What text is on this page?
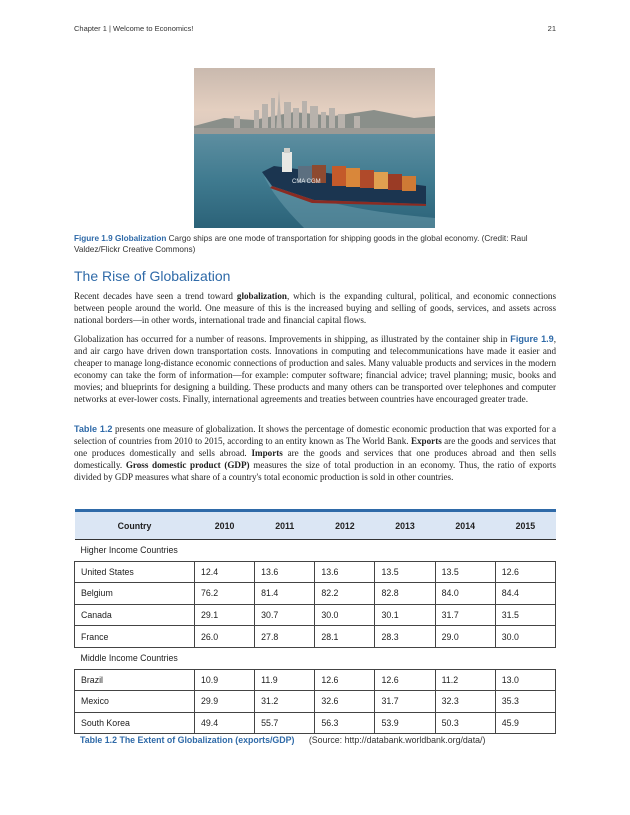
Chapter 1 | Welcome to Economics!	21
CMA CGM
Figure 1.9 Globalization Cargo ships are one mode of transportation for shipping goods in the global economy. (Credit: Raul Valdez/Flickr Creative Commons)
The Rise of Globalization

Recent decades have seen a trend toward globalization, which is the expanding cultural, political, and economic connections between people around the world. One measure of this is the increased buying and selling of goods, services, and assets across national borders—in other words, international trade and financial capital flows.

Globalization has occurred for a number of reasons. Improvements in shipping, as illustrated by the container ship in Figure 1.9, and air cargo have driven down transportation costs. Innovations in computing and telecommunications have made it easier and cheaper to manage long-distance economic connections of production and sales. Many valuable products and services in the modern economy can take the form of information—for example: computer software; financial advice; travel planning; music, books and movies; and blueprints for designing a building. These products and many others can be transported over telephones and computer networks at ever-lower costs. Finally, international agreements and treaties between countries have encouraged greater trade.

Table 1.2 presents one measure of globalization. It shows the percentage of domestic economic production that was exported for a selection of countries from 2010 to 2015, according to an entity known as The World Bank. Exports are the goods and services that one produces domestically and sells abroad. Imports are the goods and services that one produces abroad and then sells domestically. Gross domestic product (GDP) measures the size of total production in an economy. Thus, the ratio of exports divided by GDP measures what share of a country's total economic production is sold in other countries.

Country	2010	2011	2012	2013	2014	2015
Higher Income Countries						
United States	12.4	13.6	13.6	13.5	13.5	12.6
Belgium	76.2	81.4	82.2	82.8	84.0	84.4
Canada	29.1	30.7	30.0	30.1	31.7	31.5
France	26.0	27.8	28.1	28.3	29.0	30.0
Middle Income Countries						
Brazil	10.9	11.9	12.6	12.6	11.2	13.0
Mexico	29.9	31.2	32.6	31.7	32.3	35.3
South Korea	49.4	55.7	56.3	53.9	50.3	45.9
Table 1.2 The Extent of Globalization (exports/GDP) (Source: http://databank.worldbank.org/data/)
